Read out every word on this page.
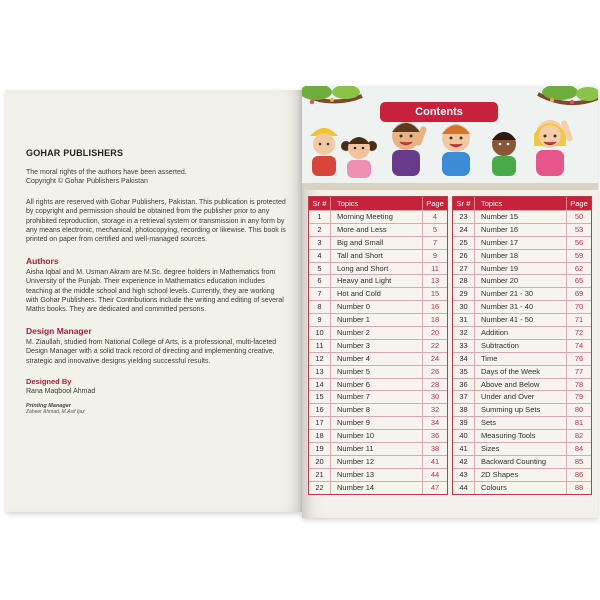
GOHAR PUBLISHERS
The moral rights of the authors have been asserted.
Copyright © Gohar Publishers Pakistan
All rights are reserved with Gohar Publishers, Pakistan. This publication is protected by copyright and permission should be obtained from the publisher prior to any prohibited reproduction, storage in a retrieval system or transmission in any form by any means electronic, mechanical, photocopying, recording or likewise. This book is printed on paper from certified and well-managed sources.
Authors
Aisha Iqbal and M. Usman Akram are M.Sc. degree holders in Mathematics from University of the Punjab. Their experience in Mathematics education includes teaching at the middle school and high school levels. Currently, they are working with Gohar Publishers. Their Contributions include the writing and editing of several Maths books. They are dedicated and committed persons.
Design Manager
M. Ziaullah, studied from National College of Arts, is a professional, multi-faceted Design Manager with a solid track record of directing and implementing creative, strategic and innovative designs yielding successful results.
Designed By
Rana Maqbool Ahmad
Printing Manager
Zaheer Ahmad, M.Asif Ijaz
Contents
Sr #	Topics	Page
1	Morning Meeting	4
2	More and Less	5
3	Big and Small	7
4	Tall and Short	9
5	Long and Short	11
6	Heavy and Light	13
7	Hot and Cold	15
8	Number 0	16
9	Number 1	18
10	Number 2	20
11	Number 3	22
12	Number 4	24
13	Number 5	26
14	Number 6	28
15	Number 7	30
16	Number 8	32
17	Number 9	34
18	Number 10	36
19	Number 11	38
20	Number 12	41
21	Number 13	44
22	Number 14	47
Sr #	Topics	Page
23	Number 15	50
24	Number 16	53
25	Number 17	56
26	Number 18	59
27	Number 19	62
28	Number 20	65
29	Number 21 - 30	69
30	Number 31 - 40	70
31	Number 41 - 50	71
32	Addition	72
33	Subtraction	74
34	Time	76
35	Days of the Week	77
36	Above and Below	78
37	Under and Over	79
38	Summing up Sets	80
39	Sets	81
40	Measuring Tools	82
41	Sizes	84
42	Backward Counting	85
43	2D Shapes	86
44	Colours	88
